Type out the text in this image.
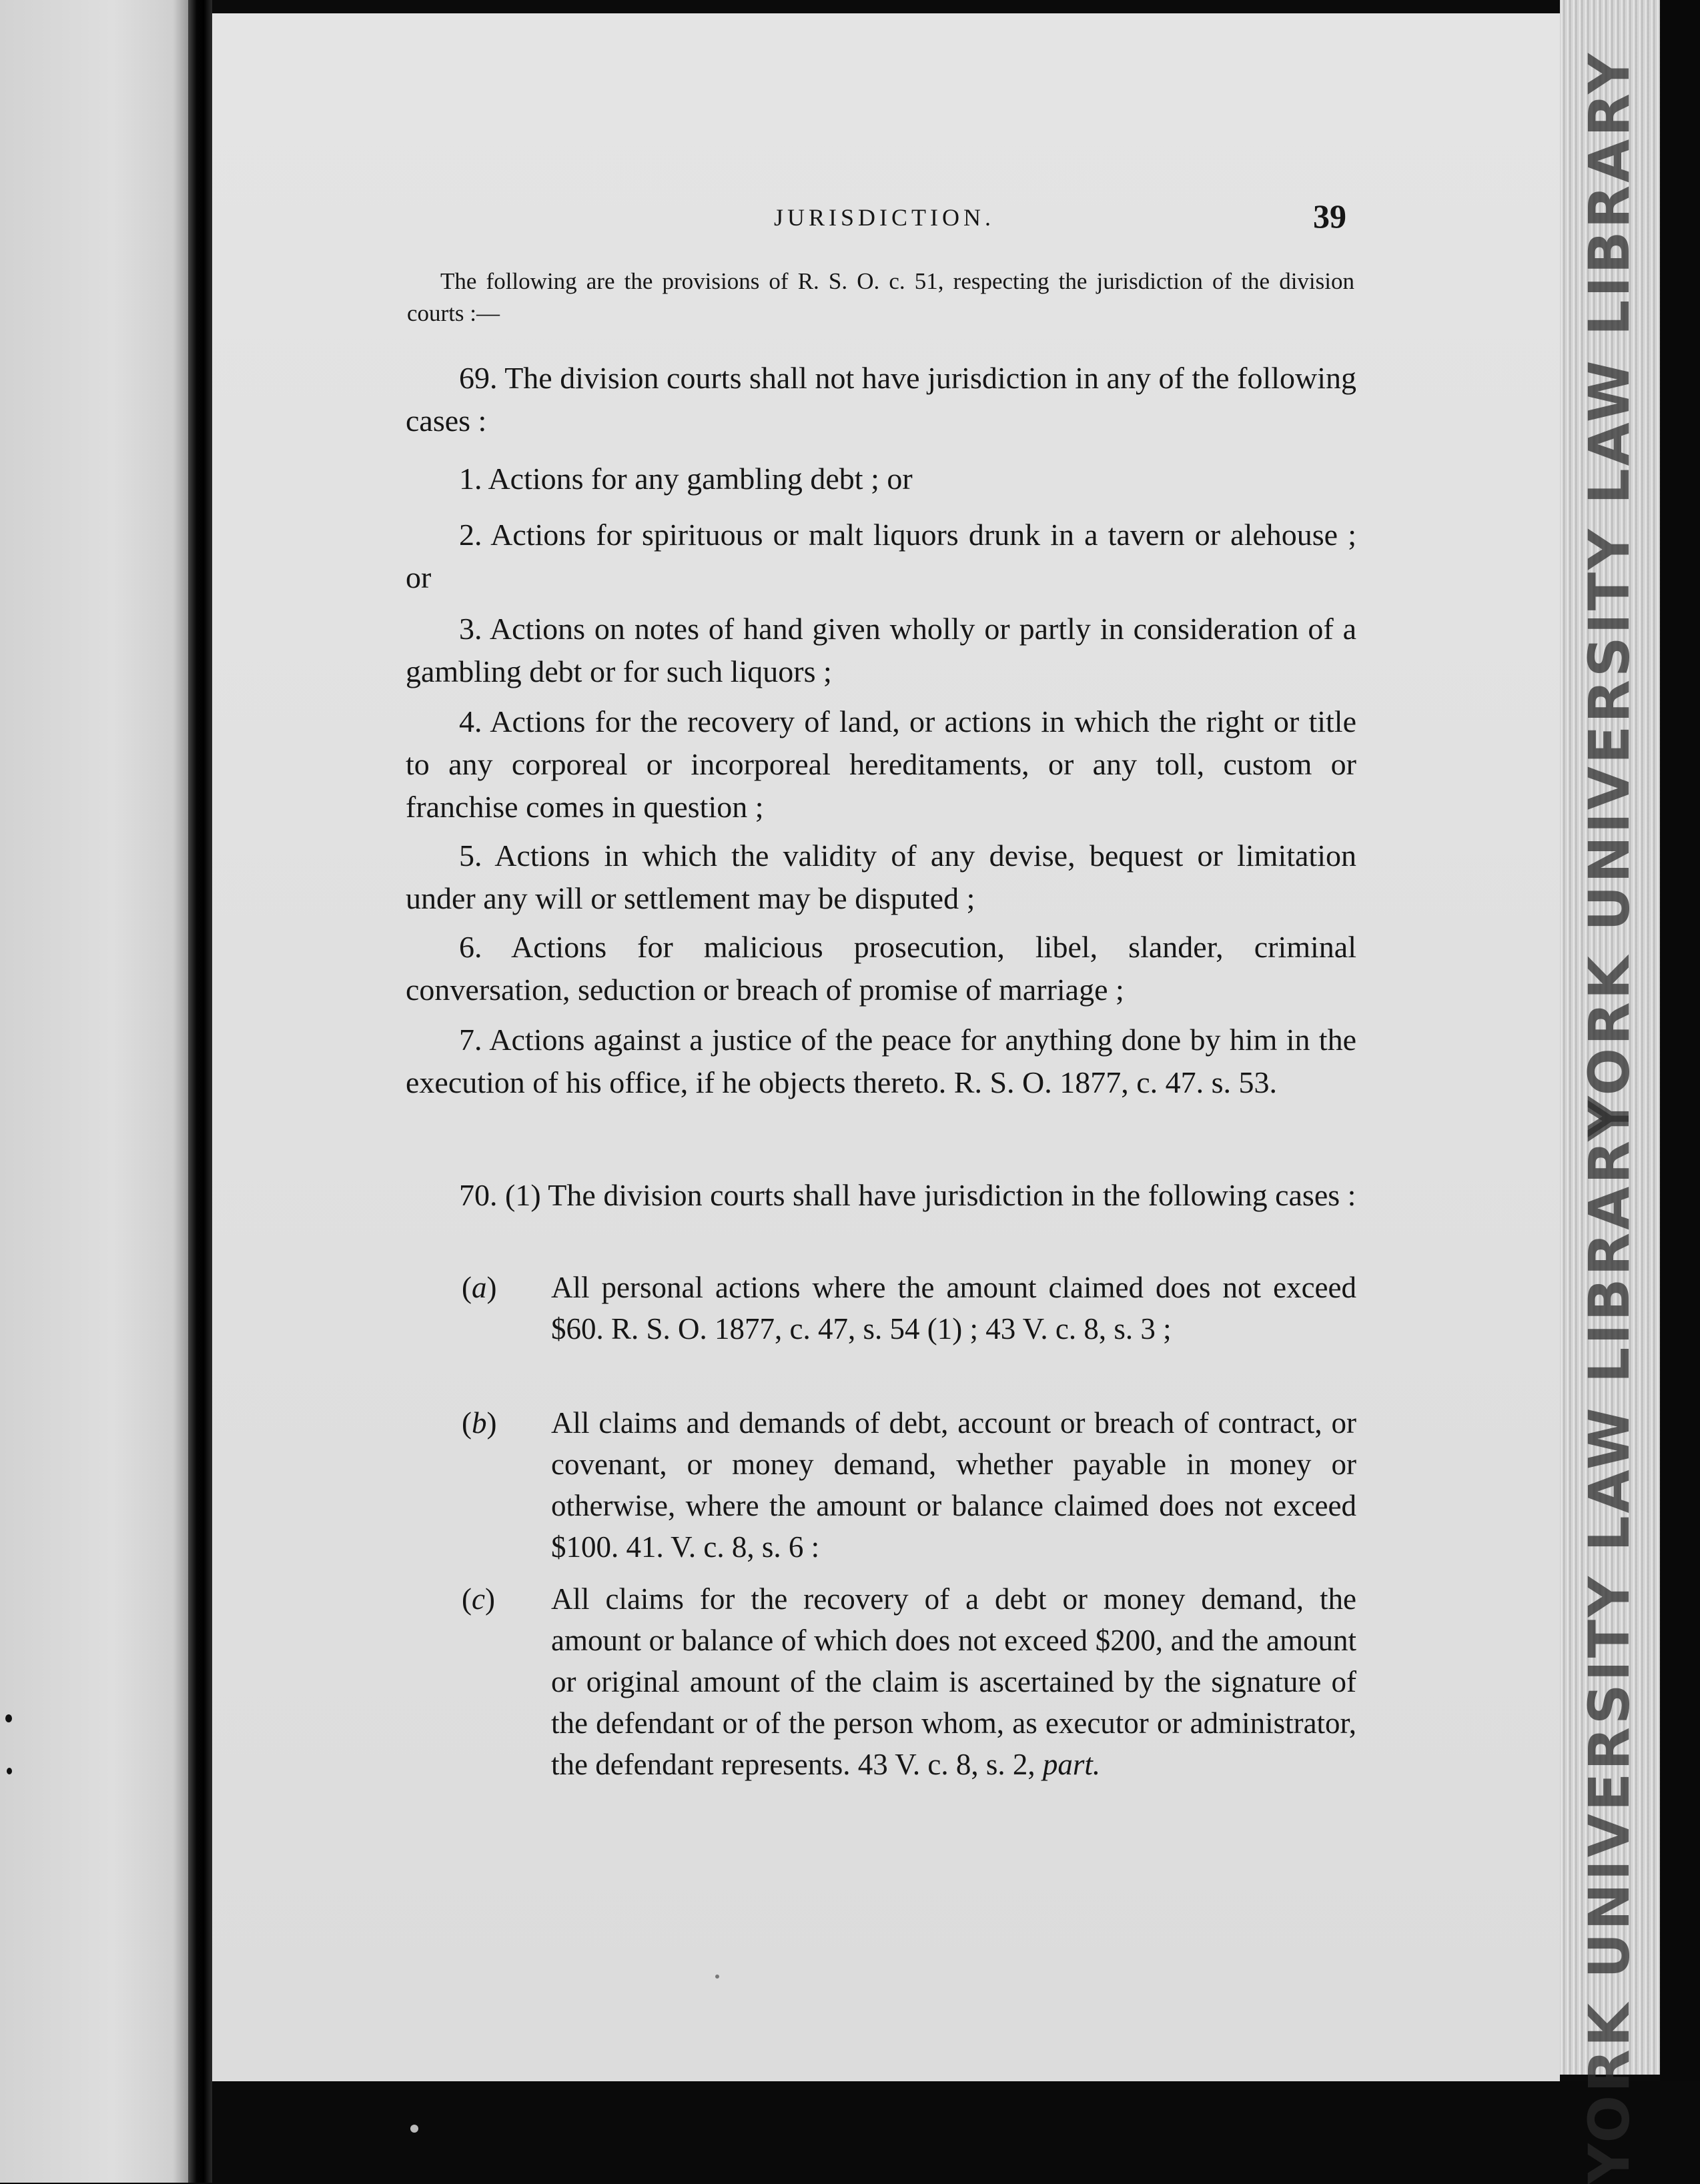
YORK UNIVERSITY LAW LIBRARY
YORK UNIVERSITY LAW LIBRARY
JURISDICTION.	39

The following are the provisions of R. S. O. c. 51, respecting the jurisdiction of the division courts :—

69. The division courts shall not have jurisdiction in any of the following cases :

1. Actions for any gambling debt ; or

2. Actions for spirituous or malt liquors drunk in a tavern or alehouse ; or

3. Actions on notes of hand given wholly or partly in consideration of a gambling debt or for such liquors ;

4. Actions for the recovery of land, or actions in which the right or title to any corporeal or incorporeal hereditaments, or any toll, custom or franchise comes in question ;

5. Actions in which the validity of any devise, bequest or limitation under any will or settlement may be disputed ;

6. Actions for malicious prosecution, libel, slander, criminal conversation, seduction or breach of promise of marriage ;

7. Actions against a justice of the peace for anything done by him in the execution of his office, if he objects thereto. R. S. O. 1877, c. 47. s. 53.

70. (1) The division courts shall have jurisdiction in the following cases :

(a) All personal actions where the amount claimed does not exceed $60. R. S. O. 1877, c. 47, s. 54 (1) ; 43 V. c. 8, s. 3 ;

(b) All claims and demands of debt, account or breach of contract, or covenant, or money demand, whether payable in money or otherwise, where the amount or balance claimed does not exceed $100. 41. V. c. 8, s. 6 :

(c) All claims for the recovery of a debt or money demand, the amount or balance of which does not exceed $200, and the amount or original amount of the claim is ascertained by the signature of the defendant or of the person whom, as executor or administrator, the defendant represents. 43 V. c. 8, s. 2, part.
